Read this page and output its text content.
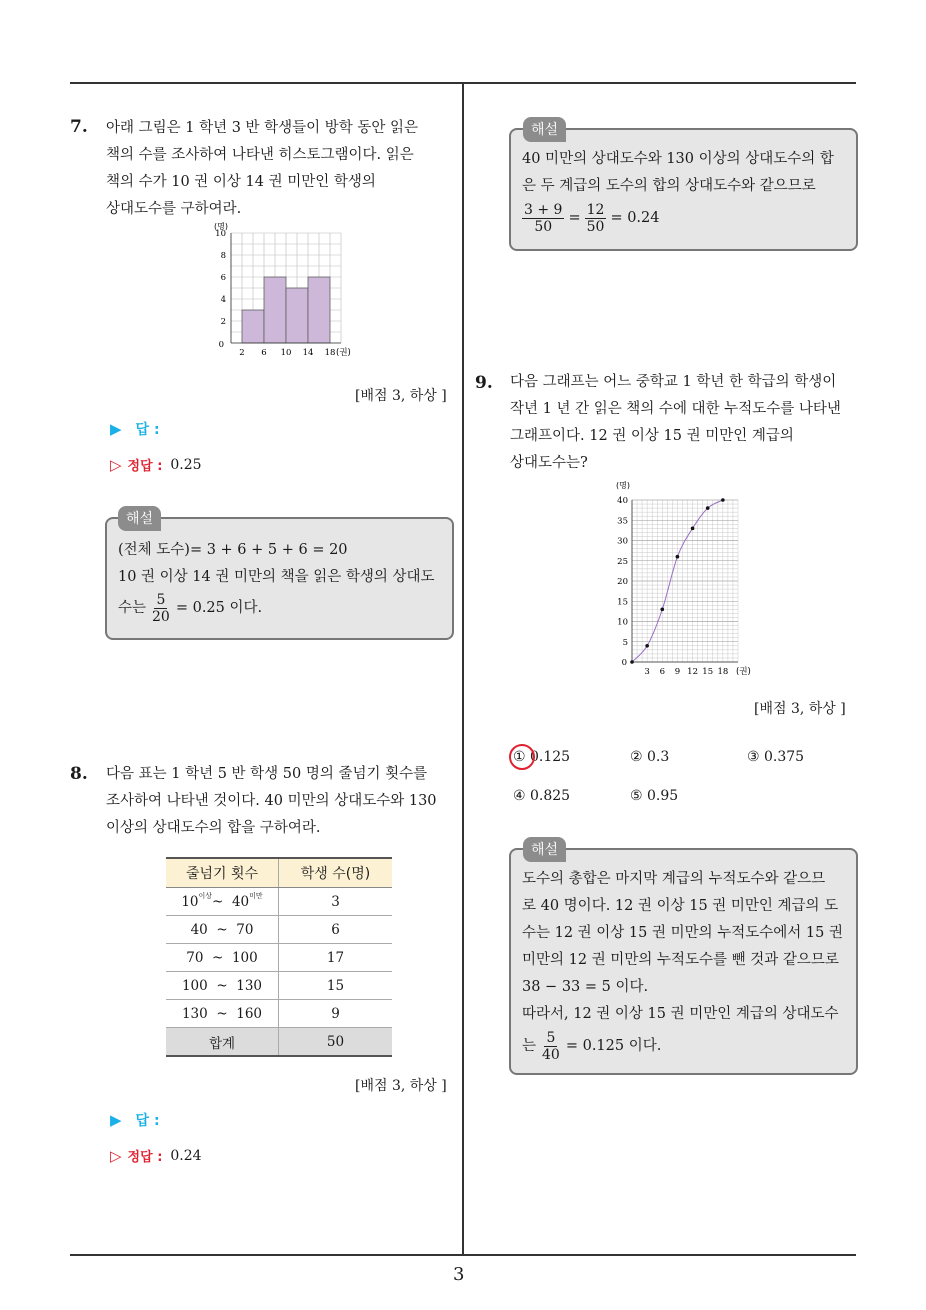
3
7. 아래 그림은 1 학년 3 반 학생들이 방학 동안 읽은
책의 수를 조사하여 나타낸 히스토그램이다. 읽은
책의 수가 10 권 이상 14 권 미만인 학생의
상대도수를 구하여라.
2
4
6
8
10
0
2 6 10 14 18
(명)
(권)
[배점 3, 하상 ]
▶ 답 :
▷ 정답 : 0.25
해설
(전체 도수)= 3 + 6 + 5 + 6 = 20
10 권 이상 14 권 미만의 책을 읽은 학생의 상대도
수는 $\frac{5}{20} = 0.25$ 이다.
8. 다음 표는 1 학년 5 반 학생 50 명의 줄넘기 횟수를
조사하여 나타낸 것이다. 40 미만의 상대도수와 130
이상의 상대도수의 합을 구하여라.
줄넘기 횟수	학생 수(명)
$10^{이상}\sim$  $40^{미만}$	3
40 ~ 70	6
70 ~ 100	17
100 ~ 130	15
130 ~ 160	9
합계	50
[배점 3, 하상 ]
▶ 답 :
▷ 정답 : 0.24
해설
40 미만의 상대도수와 130 이상의 상대도수의 합
은 두 계급의 도수의 합의 상대도수와 같으므로
$\frac{3 + 9}{50} = \frac{12}{50} = 0.24$
9. 다음 그래프는 어느 중학교 1 학년 한 학급의 학생이
작년 1 년 간 읽은 책의 수에 대한 누적도수를 나타낸
그래프이다. 12 권 이상 15 권 미만인 계급의
상대도수는?
5
10
15
20
25
30
35
40
0
3 6 9 12 15 18
(명)
(권)
[배점 3, 하상 ]
① 0.125	② 0.3	③ 0.375
④ 0.825	⑤ 0.95
해설
도수의 총합은 마지막 계급의 누적도수와 같으므
로 40 명이다. 12 권 이상 15 권 미만인 계급의 도
수는 12 권 이상 15 권 미만의 누적도수에서 15 권
미만의 12 권 미만의 누적도수를 뺀 것과 같으므로
38 − 33 = 5 이다.
따라서, 12 권 이상 15 권 미만인 계급의 상대도수
는 $\frac{5}{40} = 0.125$ 이다.
